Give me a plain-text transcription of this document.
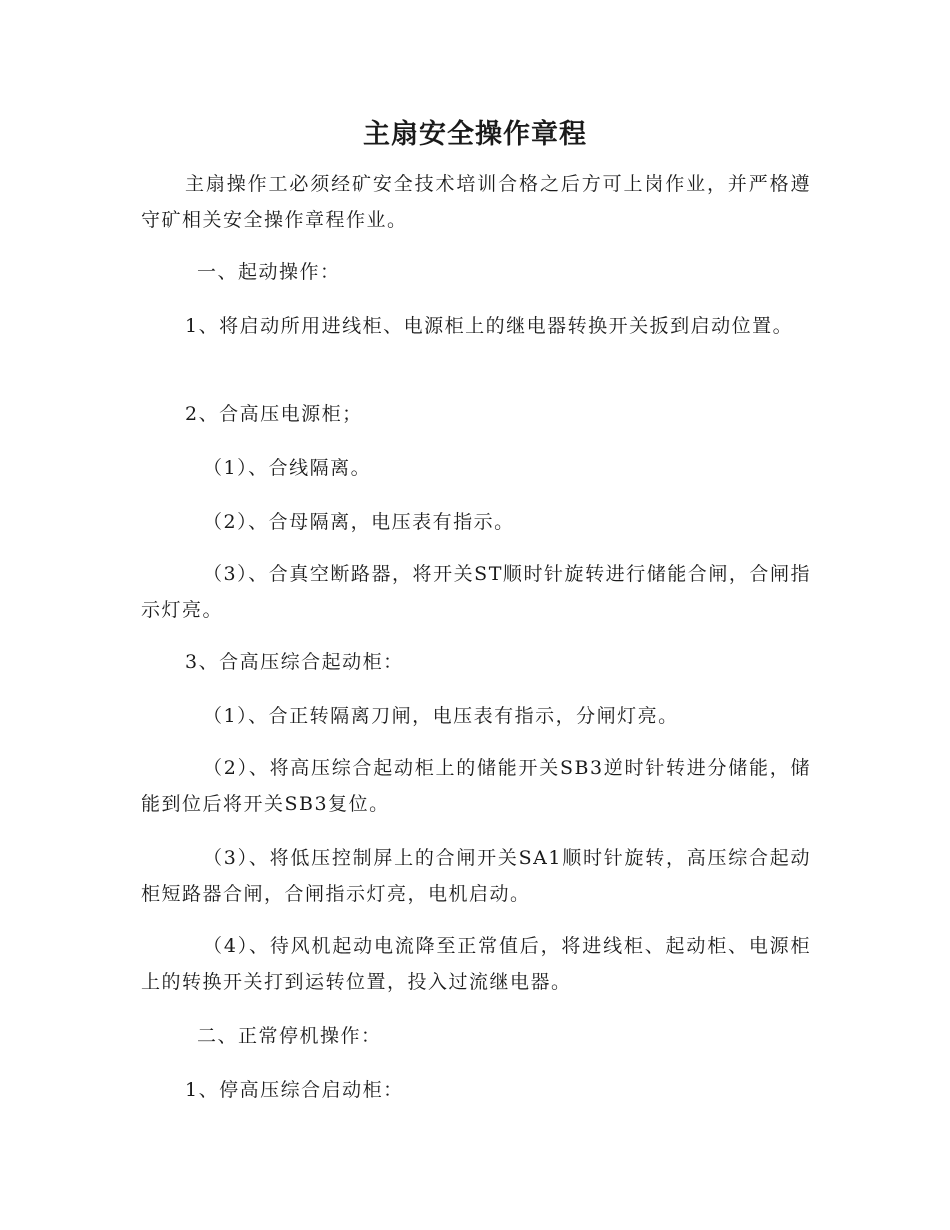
主扇安全操作章程

主扇操作工必须经矿安全技术培训合格之后方可上岗作业，并严格遵守矿相关安全操作章程作业。

一、起动操作：

1、将启动所用进线柜、电源柜上的继电器转换开关扳到启动位置。

2、合高压电源柜；

（1）、合线隔离。

（2）、合母隔离，电压表有指示。

（3）、合真空断路器，将开关ST顺时针旋转进行储能合闸，合闸指示灯亮。

3、合高压综合起动柜：

（1）、合正转隔离刀闸，电压表有指示，分闸灯亮。

（2）、将高压综合起动柜上的储能开关SB3逆时针转进分储能，储能到位后将开关SB3复位。

（3）、将低压控制屏上的合闸开关SA1顺时针旋转，高压综合起动柜短路器合闸，合闸指示灯亮，电机启动。

（4）、待风机起动电流降至正常值后，将进线柜、起动柜、电源柜上的转换开关打到运转位置，投入过流继电器。

二、正常停机操作：

1、停高压综合启动柜：
